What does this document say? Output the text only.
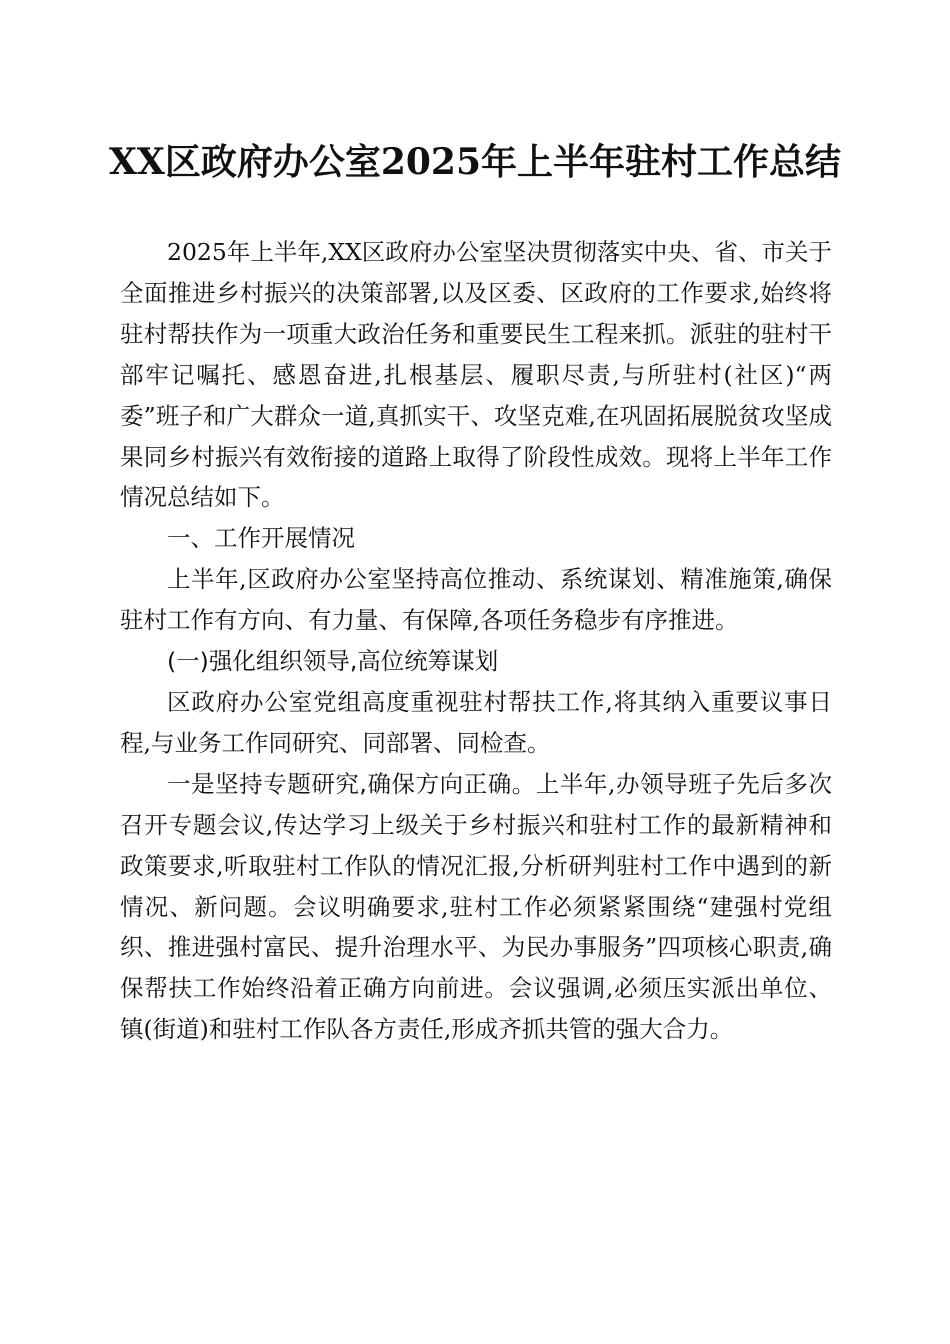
XX区政府办公室2025年上半年驻村工作总结

2025年上半年,XX区政府办公室坚决贯彻落实中央、省、市关于全面推进乡村振兴的决策部署,以及区委、区政府的工作要求,始终将驻村帮扶作为一项重大政治任务和重要民生工程来抓。派驻的驻村干部牢记嘱托、感恩奋进,扎根基层、履职尽责,与所驻村(社区)“两委”班子和广大群众一道,真抓实干、攻坚克难,在巩固拓展脱贫攻坚成果同乡村振兴有效衔接的道路上取得了阶段性成效。现将上半年工作情况总结如下。

一、工作开展情况

上半年,区政府办公室坚持高位推动、系统谋划、精准施策,确保驻村工作有方向、有力量、有保障,各项任务稳步有序推进。

(一)强化组织领导,高位统筹谋划

区政府办公室党组高度重视驻村帮扶工作,将其纳入重要议事日程,与业务工作同研究、同部署、同检查。

一是坚持专题研究,确保方向正确。上半年,办领导班子先后多次召开专题会议,传达学习上级关于乡村振兴和驻村工作的最新精神和政策要求,听取驻村工作队的情况汇报,分析研判驻村工作中遇到的新情况、新问题。会议明确要求,驻村工作必须紧紧围绕“建强村党组织、推进强村富民、提升治理水平、为民办事服务”四项核心职责,确保帮扶工作始终沿着正确方向前进。会议强调,必须压实派出单位、镇(街道)和驻村工作队各方责任,形成齐抓共管的强大合力。
